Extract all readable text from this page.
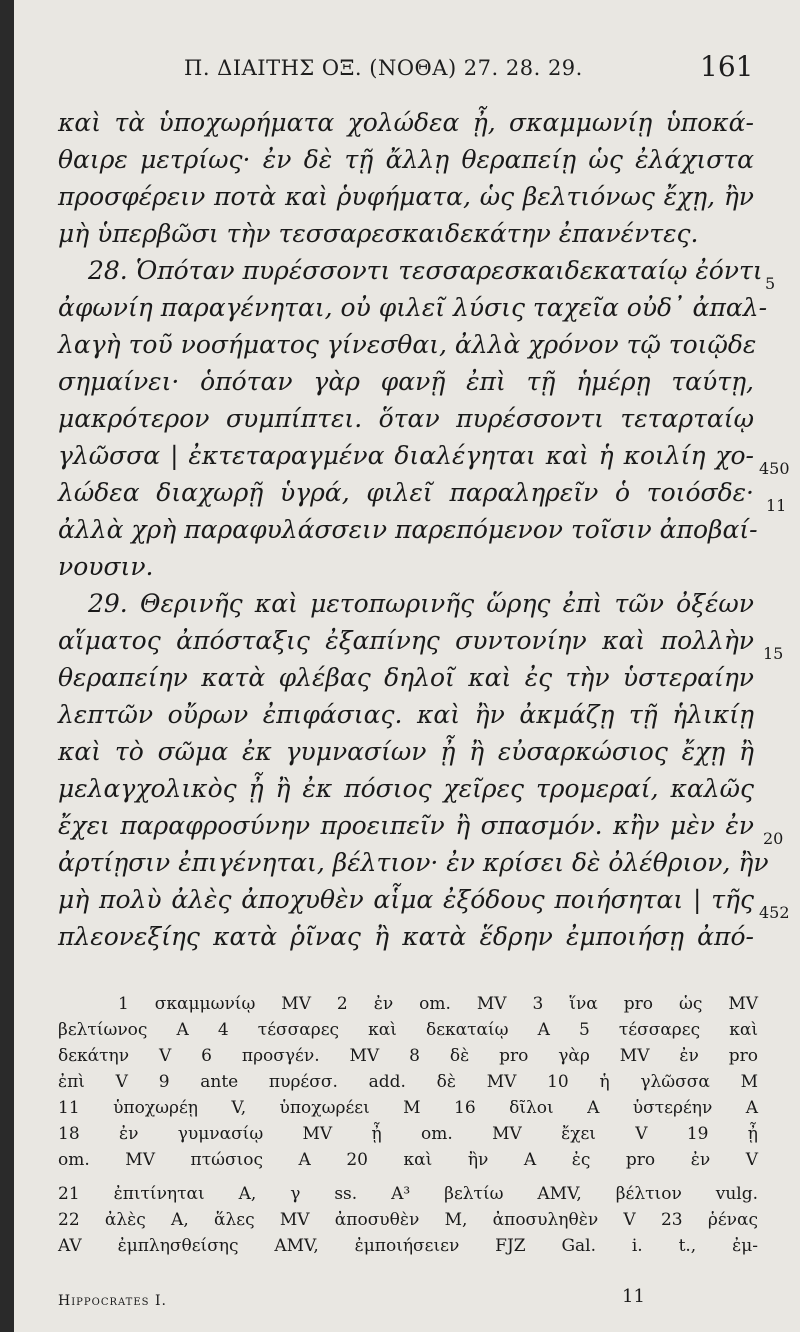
Π. ΔΙΑΙΤΗΣ ΟΞ. (ΝΟΘΑ) 27. 28. 29.	161
καὶ τὰ ὑποχωρήματα χολώδεα ᾖ, σκαμμωνίῃ ὑποκά-
θαιρε μετρίως· ἐν δὲ τῇ ἄλλῃ θεραπείῃ ὡς ἐλάχιστα
προσφέρειν ποτὰ καὶ ῥυφήματα, ὡς βελτιόνως ἔχῃ, ἢν
μὴ ὑπερβῶσι τὴν τεσσαρεσκαιδεκάτην ἐπανέντες.
28. Ὁπόταν πυρέσσοντι τεσσαρεσκαιδεκαταίῳ ἐόντι
ἀφωνίη παραγένηται, οὐ φιλεῖ λύσις ταχεῖα οὐδ᾽ ἀπαλ-
λαγὴ τοῦ νοσήματος γίνεσθαι, ἀλλὰ χρόνον τῷ τοιῷδε
σημαίνει· ὁπόταν γὰρ φανῇ ἐπὶ τῇ ἡμέρῃ ταύτῃ,
μακρότερον συμπίπτει. ὅταν πυρέσσοντι τεταρταίῳ
γλῶσσα | ἐκτεταραγμένα διαλέγηται καὶ ἡ κοιλίη χο-
λώδεα διαχωρῇ ὑγρά, φιλεῖ παραληρεῖν ὁ τοιόσδε·
ἀλλὰ χρὴ παραφυλάσσειν παρεπόμενον τοῖσιν ἀποβαί-
νουσιν.
29. Θερινῆς καὶ μετοπωρινῆς ὥρης ἐπὶ τῶν ὀξέων
αἵματος ἀπόσταξις ἐξαπίνης συντονίην καὶ πολλὴν
θεραπείην κατὰ φλέβας δηλοῖ καὶ ἐς τὴν ὑστεραίην
λεπτῶν οὔρων ἐπιφάσιας. καὶ ἢν ἀκμάζῃ τῇ ἡλικίῃ
καὶ τὸ σῶμα ἐκ γυμνασίων ᾖ ἢ εὐσαρκώσιος ἔχῃ ἢ
μελαγχολικὸς ᾖ ἢ ἐκ πόσιος χεῖρες τρομεραί, καλῶς
ἔχει παραφροσύνην προειπεῖν ἢ σπασμόν. κἢν μὲν ἐν
ἀρτίῃσιν ἐπιγένηται, βέλτιον· ἐν κρίσει δὲ ὀλέθριον, ἢν
μὴ πολὺ ἀλὲς ἀποχυθὲν αἷμα ἐξόδους ποιήσηται | τῆς
πλεονεξίης κατὰ ῥῖνας ἢ κατὰ ἕδρην ἐμποιήσῃ ἀπό-
5
450
11
15
20
452
1 σκαμμωνίῳ MV 2 ἐν om. MV 3 ἵνα pro ὡς MV
βελτίωνος A 4 τέσσαρες καὶ δεκαταίῳ A 5 τέσσαρες καὶ
δεκάτην V 6 προσγέν. MV 8 δὲ pro γὰρ MV ἐν pro
ἐπὶ V 9 ante πυρέσσ. add. δὲ MV 10 ἡ γλῶσσα M
11 ὑποχωρέῃ V, ὑποχωρέει M 16 δῖλοι A ὑστερέην A
18 ἐν γυμνασίῳ MV ᾖ om. MV ἔχει V 19 ᾖ
om. MV πτώσιος A 20 καὶ ἢν A ἐς pro ἐν V
21 ἐπιτίνηται A, γ ss. A³ βελτίω AMV, βέλτιον vulg.
22 ἀλὲς A, ἅλες MV ἀποσυθὲν M, ἀποσυληθὲν V 23 ῥένας
AV ἐμπλησθείσης AMV, ἐμποιήσειεν FJZ Gal. i. t., ἐμ-
Hippocrates I.	11
